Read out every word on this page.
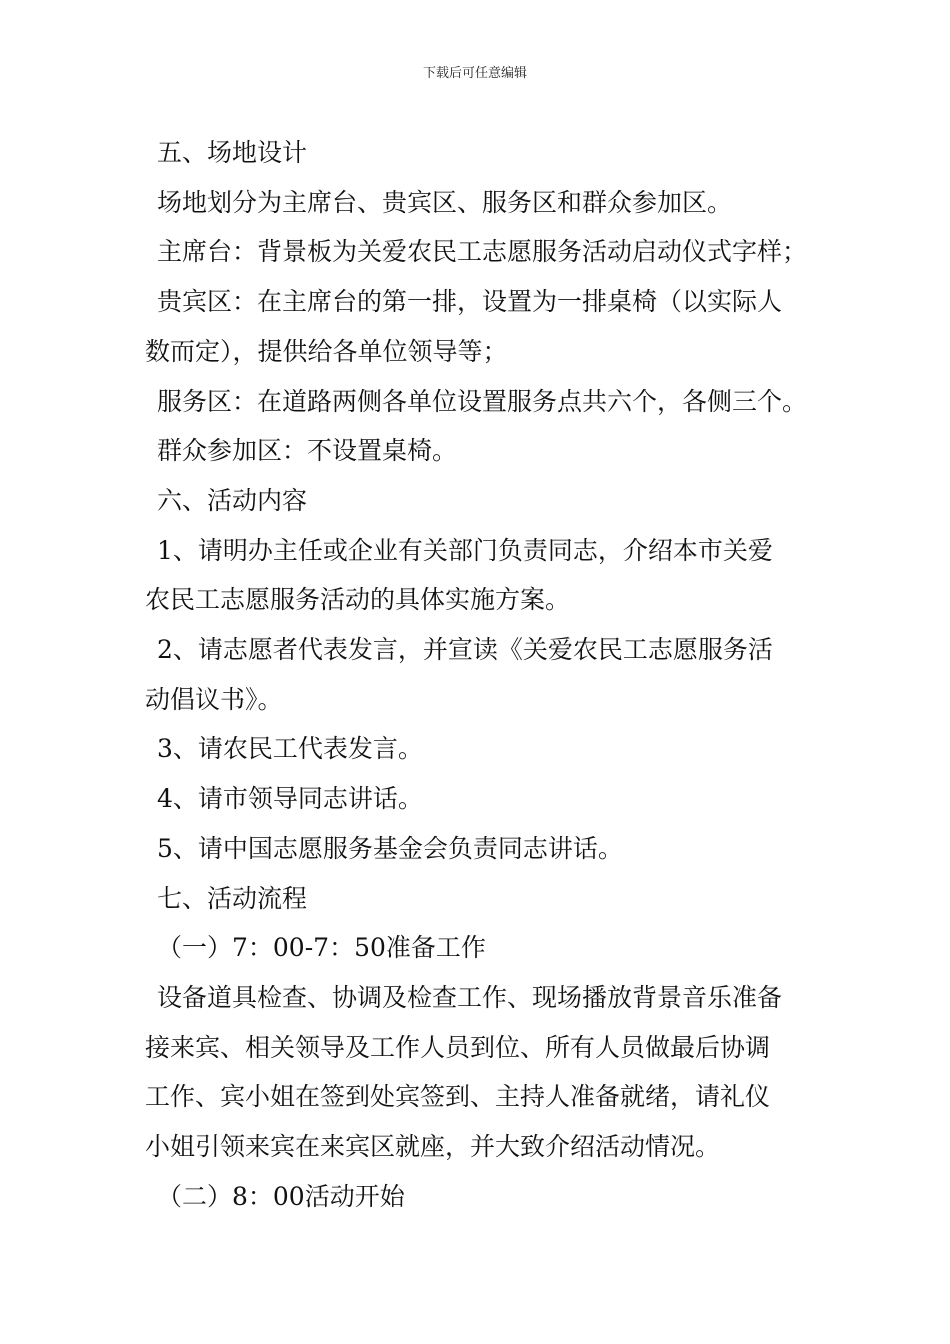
下载后可任意编辑

五、场地设计

场地划分为主席台、贵宾区、服务区和群众参加区。

主席台：背景板为关爱农民工志愿服务活动启动仪式字样；

贵宾区：在主席台的第一排，设置为一排桌椅（以实际人

数而定），提供给各单位领导等；

服务区：在道路两侧各单位设置服务点共六个，各侧三个。

群众参加区：不设置桌椅。

六、活动内容

1、请明办主任或企业有关部门负责同志，介绍本市关爱

农民工志愿服务活动的具体实施方案。

2、请志愿者代表发言，并宣读《关爱农民工志愿服务活

动倡议书》。

3、请农民工代表发言。

4、请市领导同志讲话。

5、请中国志愿服务基金会负责同志讲话。

七、活动流程

（一）7：00-7：50准备工作

设备道具检查、协调及检查工作、现场播放背景音乐准备

接来宾、相关领导及工作人员到位、所有人员做最后协调

工作、宾小姐在签到处宾签到、主持人准备就绪，请礼仪

小姐引领来宾在来宾区就座，并大致介绍活动情况。

（二）8：00活动开始
